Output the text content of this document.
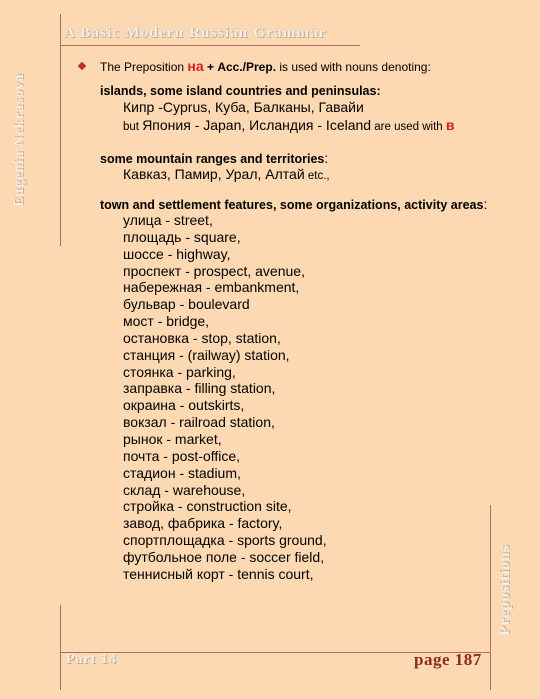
A Basic Modern Russian Grammar
Eugenia Nekrasova
Prepositions
Part 14	page 187
The Preposition на + Acc./Prep. is used with nouns denoting:
islands, some island countries and peninsulas:
Кипр -Cyprus, Куба, Балканы, Гавайи
but Япония - Japan, Исландия - Iceland are used with в
some mountain ranges and territories:
Кавказ, Памир, Урал, Алтай etc.,
town and settlement features, some organizations, activity areas:
улица - street,
площадь - square,
шоссе - highway,
проспект - prospect, avenue,
набережная - embankment,
бульвар - boulevard
мост - bridge,
остановка - stop, station,
станция - (railway) station,
стоянка - parking,
заправка - filling station,
окраина - outskirts,
вокзал - railroad station,
рынок - market,
почта - post-office,
стадион - stadium,
склад - warehouse,
стройка - construction site,
завод, фабрика - factory,
спортплощадка - sports ground,
футбольное поле - soccer field,
теннисный корт - tennis court,
